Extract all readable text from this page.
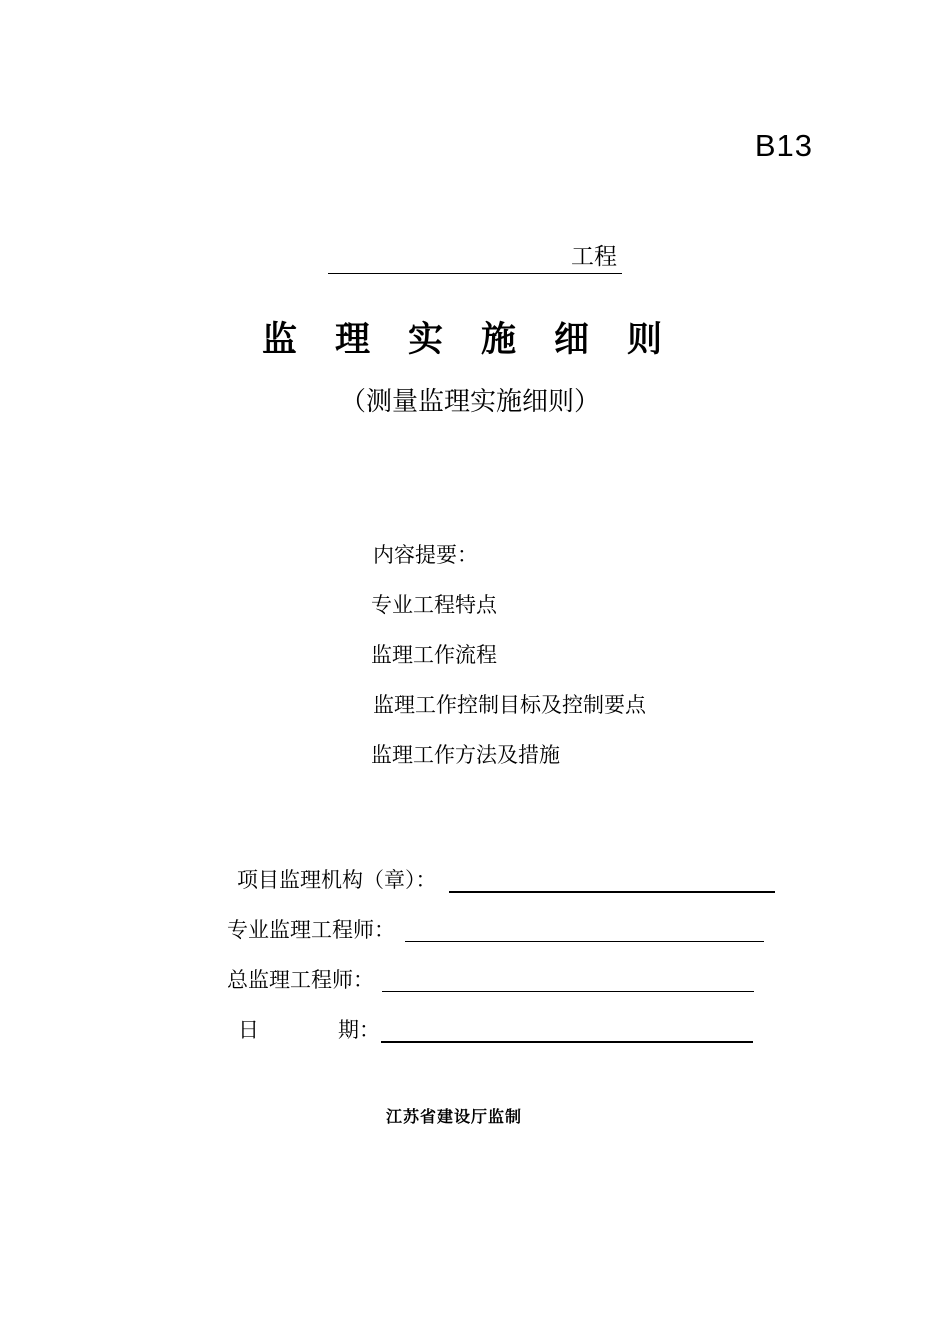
B13
工程
监理实施细则
（测量监理实施细则）
内容提要：
专业工程特点
监理工作流程
监理工作控制目标及控制要点
监理工作方法及措施
项目监理机构（章）：
专业监理工程师：
总监理工程师：
日	期：
江苏省建设厅监制
